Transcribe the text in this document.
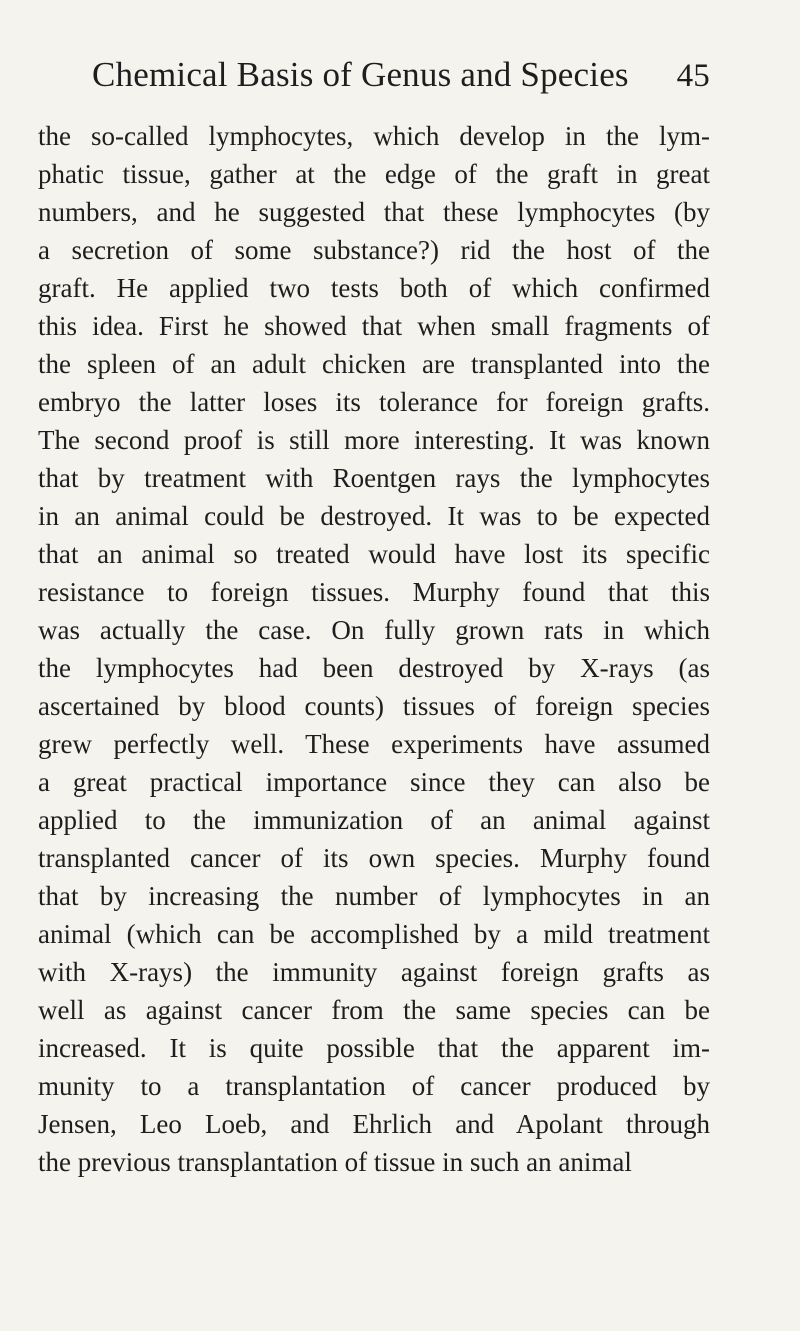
Chemical Basis of Genus and Species 45
the so-called lymphocytes, which develop in the lym-
phatic tissue, gather at the edge of the graft in great
numbers, and he suggested that these lymphocytes (by
a secretion of some substance?) rid the host of the
graft. He applied two tests both of which confirmed
this idea. First he showed that when small fragments of
the spleen of an adult chicken are transplanted into the
embryo the latter loses its tolerance for foreign grafts.
The second proof is still more interesting. It was known
that by treatment with Roentgen rays the lymphocytes
in an animal could be destroyed. It was to be expected
that an animal so treated would have lost its specific
resistance to foreign tissues. Murphy found that this
was actually the case. On fully grown rats in which
the lymphocytes had been destroyed by X-rays (as
ascertained by blood counts) tissues of foreign species
grew perfectly well. These experiments have assumed
a great practical importance since they can also be
applied to the immunization of an animal against
transplanted cancer of its own species. Murphy found
that by increasing the number of lymphocytes in an
animal (which can be accomplished by a mild treatment
with X-rays) the immunity against foreign grafts as
well as against cancer from the same species can be
increased. It is quite possible that the apparent im-
munity to a transplantation of cancer produced by
Jensen, Leo Loeb, and Ehrlich and Apolant through
the previous transplantation of tissue in such an animal
